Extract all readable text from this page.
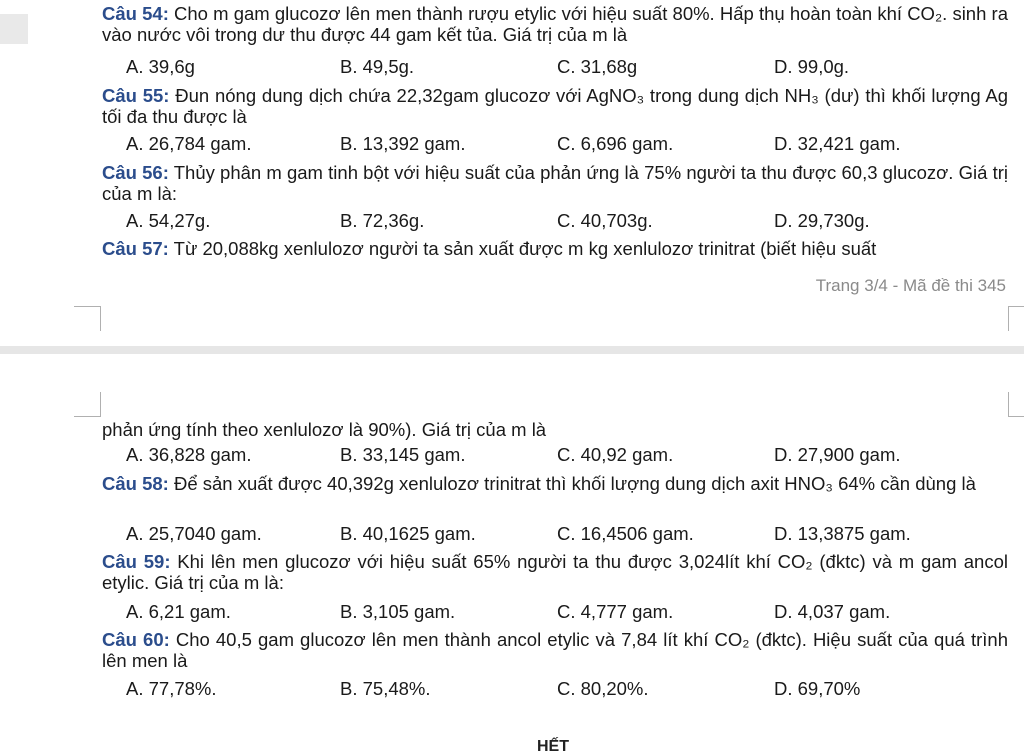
Câu 54: Cho m gam glucozơ lên men thành rượu etylic với hiệu suất 80%. Hấp thụ hoàn toàn khí CO₂. sinh ra vào nước vôi trong dư thu được 44 gam kết tủa. Giá trị của m là
A. 39,6g	B. 49,5g.	C. 31,68g	D. 99,0g.
Câu 55: Đun nóng dung dịch chứa 22,32gam glucozơ với AgNO₃ trong dung dịch NH₃ (dư) thì khối lượng Ag tối đa thu được là
A. 26,784 gam.	B. 13,392 gam.	C. 6,696 gam.	D. 32,421 gam.
Câu 56: Thủy phân m gam tinh bột với hiệu suất của phản ứng là 75% người ta thu được 60,3 glucozơ. Giá trị của m là:
A. 54,27g.	B. 72,36g.	C. 40,703g.	D. 29,730g.
Câu 57: Từ 20,088kg xenlulozơ người ta sản xuất được m kg xenlulozơ trinitrat (biết hiệu suất
Trang 3/4 - Mã đề thi 345
phản ứng tính theo xenlulozơ là 90%). Giá trị của m là
A. 36,828 gam.	B. 33,145 gam.	C. 40,92 gam.	D. 27,900 gam.
Câu 58: Để sản xuất được 40,392g xenlulozơ trinitrat thì khối lượng dung dịch axit HNO₃ 64% cần dùng là
A. 25,7040 gam.	B. 40,1625 gam.	C. 16,4506 gam.	D. 13,3875 gam.
Câu 59: Khi lên men glucozơ với hiệu suất 65% người ta thu được 3,024lít khí CO₂ (đktc) và m gam ancol etylic. Giá trị của m là:
A. 6,21 gam.	B. 3,105 gam.	C. 4,777 gam.	D. 4,037 gam.
Câu 60: Cho 40,5 gam glucozơ lên men thành ancol etylic và 7,84 lít khí CO₂ (đktc). Hiệu suất của quá trình lên men là
A. 77,78%.	B. 75,48%.	C. 80,20%.	D. 69,70%
HẾT
